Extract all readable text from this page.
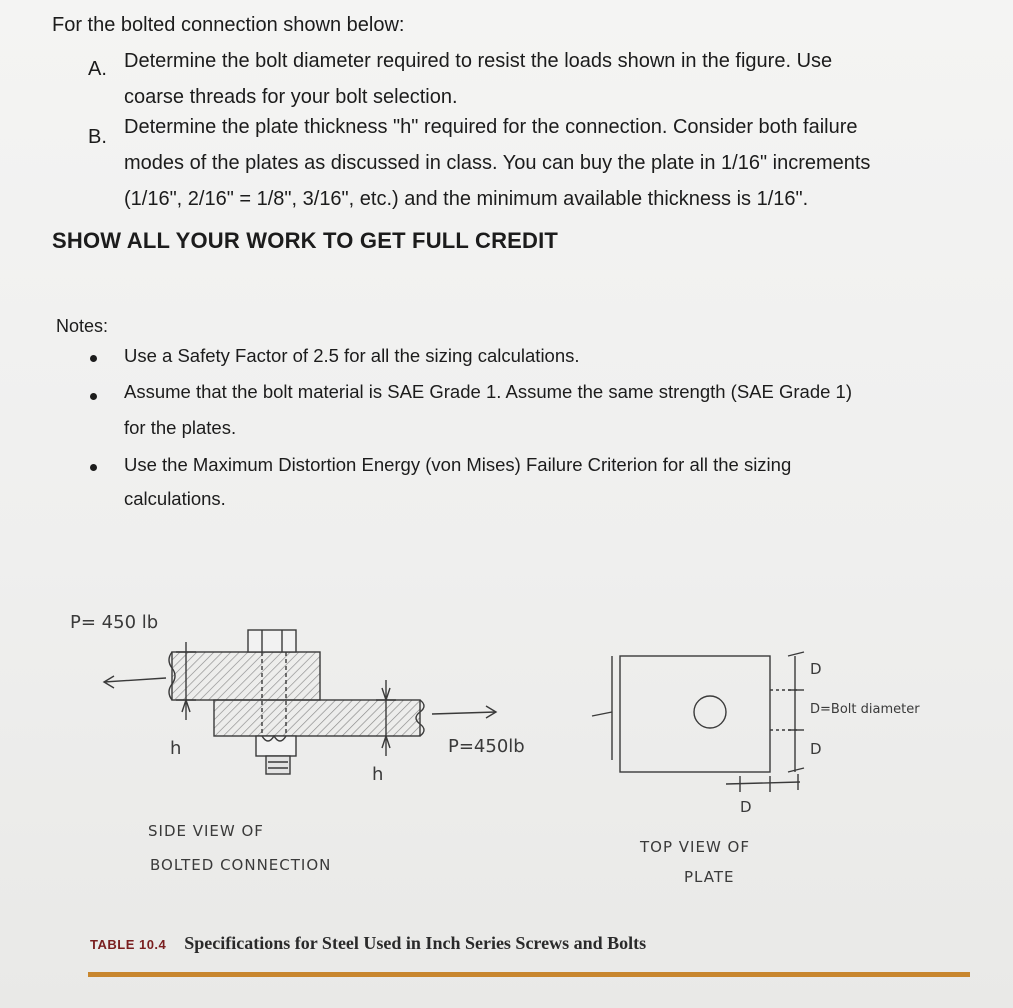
For the bolted connection shown below:
A. Determine the bolt diameter required to resist the loads shown in the figure. Use
coarse threads for your bolt selection.
B. Determine the plate thickness "h" required for the connection. Consider both failure
modes of the plates as discussed in class. You can buy the plate in 1/16" increments
(1/16", 2/16" = 1/8", 3/16", etc.) and the minimum available thickness is 1/16".
SHOW ALL YOUR WORK TO GET FULL CREDIT
Notes:
Use a Safety Factor of 2.5 for all the sizing calculations.
Assume that the bolt material is SAE Grade 1. Assume the same strength (SAE Grade 1)
for the plates.
Use the Maximum Distortion Energy (von Mises) Failure Criterion for all the sizing
calculations.
P= 450 lb
h	P=450lb
h
SIDE VIEW OF
BOLTED CONNECTION
D
D=Bolt diameter
D
D
TOP VIEW OF
PLATE
TABLE 10.4 Specifications for Steel Used in Inch Series Screws and Bolts
